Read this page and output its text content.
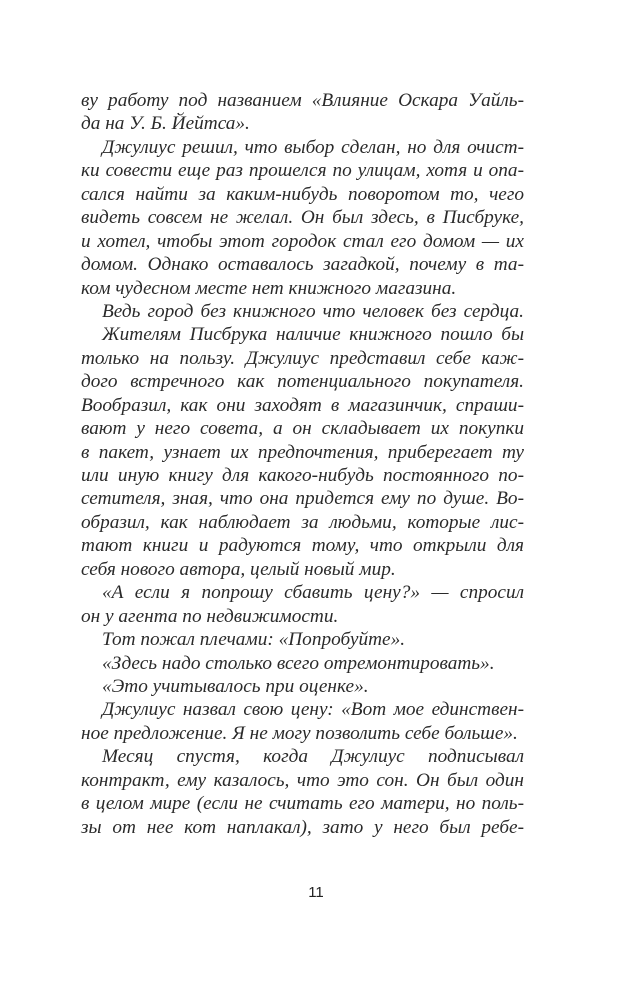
ву работу под названием «Влияние Оскара Уайль-
да на У. Б. Йейтса».
Джулиус решил, что выбор сделан, но для очист-
ки совести еще раз прошелся по улицам, хотя и опа-
сался найти за каким-нибудь поворотом то, чего
видеть совсем не желал. Он был здесь, в Писбруке,
и хотел, чтобы этот городок стал его домом — их
домом. Однако оставалось загадкой, почему в та-
ком чудесном месте нет книжного магазина.
Ведь город без книжного что человек без сердца.
Жителям Писбрука наличие книжного пошло бы
только на пользу. Джулиус представил себе каж-
дого встречного как потенциального покупателя.
Вообразил, как они заходят в магазинчик, спраши-
вают у него совета, а он складывает их покупки
в пакет, узнает их предпочтения, приберегает ту
или иную книгу для какого-нибудь постоянного по-
сетителя, зная, что она придется ему по душе. Во-
образил, как наблюдает за людьми, которые лис-
тают книги и радуются тому, что открыли для
себя нового автора, целый новый мир.
«А если я попрошу сбавить цену?» — спросил
он у агента по недвижимости.
Тот пожал плечами: «Попробуйте».
«Здесь надо столько всего отремонтировать».
«Это учитывалось при оценке».
Джулиус назвал свою цену: «Вот мое единствен-
ное предложение. Я не могу позволить себе больше».
Месяц спустя, когда Джулиус подписывал
контракт, ему казалось, что это сон. Он был один
в целом мире (если не считать его матери, но поль-
зы от нее кот наплакал), зато у него был ребе-
11
